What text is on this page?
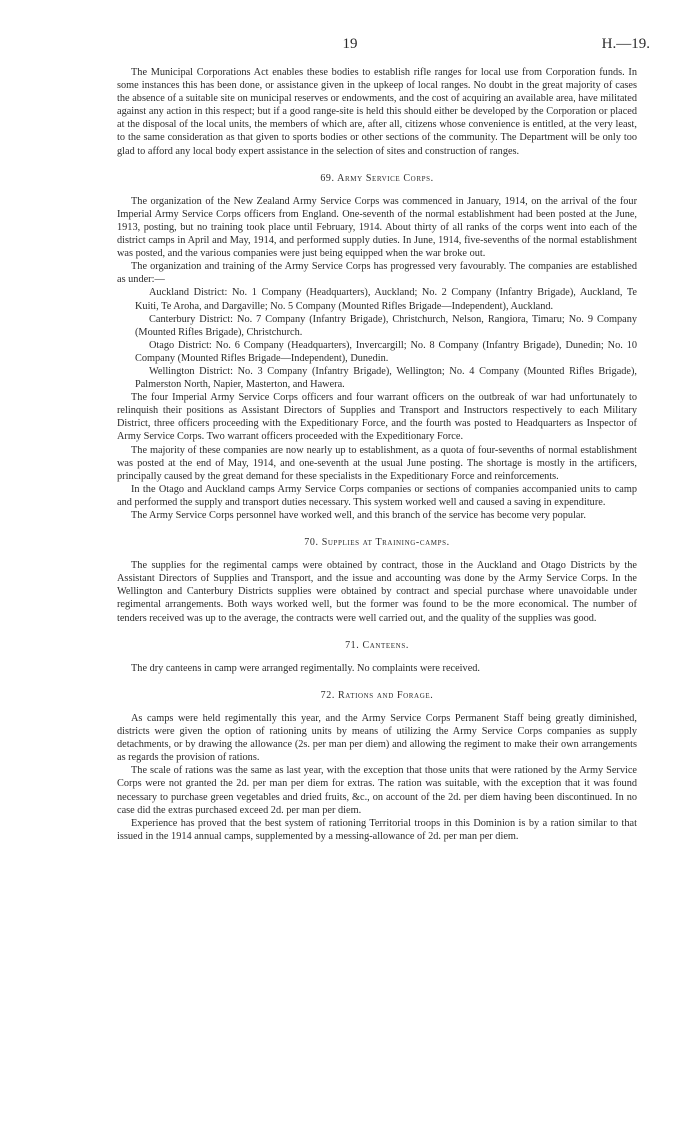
19	H.—19.

The Municipal Corporations Act enables these bodies to establish rifle ranges for local use from Corporation funds. In some instances this has been done, or assistance given in the upkeep of local ranges. No doubt in the great majority of cases the absence of a suitable site on municipal reserves or endowments, and the cost of acquiring an available area, have militated against any action in this respect; but if a good range-site is held this should either be developed by the Corporation or placed at the disposal of the local units, the members of which are, after all, citizens whose convenience is entitled, at the very least, to the same consideration as that given to sports bodies or other sections of the community. The Department will be only too glad to afford any local body expert assistance in the selection of sites and construction of ranges.

69. Army Service Corps.

The organization of the New Zealand Army Service Corps was commenced in January, 1914, on the arrival of the four Imperial Army Service Corps officers from England. One-seventh of the normal establishment had been posted at the June, 1913, posting, but no training took place until February, 1914. About thirty of all ranks of the corps went into each of the district camps in April and May, 1914, and performed supply duties. In June, 1914, five-sevenths of the normal establishment was posted, and the various companies were just being equipped when the war broke out.

The organization and training of the Army Service Corps has progressed very favourably. The companies are established as under:—

Auckland District: No. 1 Company (Headquarters), Auckland; No. 2 Company (Infantry Brigade), Auckland, Te Kuiti, Te Aroha, and Dargaville; No. 5 Company (Mounted Rifles Brigade—Independent), Auckland.

Canterbury District: No. 7 Company (Infantry Brigade), Christchurch, Nelson, Rangiora, Timaru; No. 9 Company (Mounted Rifles Brigade), Christchurch.

Otago District: No. 6 Company (Headquarters), Invercargill; No. 8 Company (Infantry Brigade), Dunedin; No. 10 Company (Mounted Rifles Brigade—Independent), Dunedin.

Wellington District: No. 3 Company (Infantry Brigade), Wellington; No. 4 Company (Mounted Rifles Brigade), Palmerston North, Napier, Masterton, and Hawera.

The four Imperial Army Service Corps officers and four warrant officers on the outbreak of war had unfortunately to relinquish their positions as Assistant Directors of Supplies and Transport and Instructors respectively to each Military District, three officers proceeding with the Expeditionary Force, and the fourth was posted to Headquarters as Inspector of Army Service Corps. Two warrant officers proceeded with the Expeditionary Force.

The majority of these companies are now nearly up to establishment, as a quota of four-sevenths of normal establishment was posted at the end of May, 1914, and one-seventh at the usual June posting. The shortage is mostly in the artificers, principally caused by the great demand for these specialists in the Expeditionary Force and reinforcements.

In the Otago and Auckland camps Army Service Corps companies or sections of companies accompanied units to camp and performed the supply and transport duties necessary. This system worked well and caused a saving in expenditure.

The Army Service Corps personnel have worked well, and this branch of the service has become very popular.

70. Supplies at Training-camps.

The supplies for the regimental camps were obtained by contract, those in the Auckland and Otago Districts by the Assistant Directors of Supplies and Transport, and the issue and accounting was done by the Army Service Corps. In the Wellington and Canterbury Districts supplies were obtained by contract and special purchase where unavoidable under regimental arrangements. Both ways worked well, but the former was found to be the more economical. The number of tenders received was up to the average, the contracts were well carried out, and the quality of the supplies was good.

71. Canteens.

The dry canteens in camp were arranged regimentally. No complaints were received.

72. Rations and Forage.

As camps were held regimentally this year, and the Army Service Corps Permanent Staff being greatly diminished, districts were given the option of rationing units by means of utilizing the Army Service Corps companies as supply detachments, or by drawing the allowance (2s. per man per diem) and allowing the regiment to make their own arrangements as regards the provision of rations.

The scale of rations was the same as last year, with the exception that those units that were rationed by the Army Service Corps were not granted the 2d. per man per diem for extras. The ration was suitable, with the exception that it was found necessary to purchase green vegetables and dried fruits, &c., on account of the 2d. per diem having been discontinued. In no case did the extras purchased exceed 2d. per man per diem.

Experience has proved that the best system of rationing Territorial troops in this Dominion is by a ration similar to that issued in the 1914 annual camps, supplemented by a messing-allowance of 2d. per man per diem.
